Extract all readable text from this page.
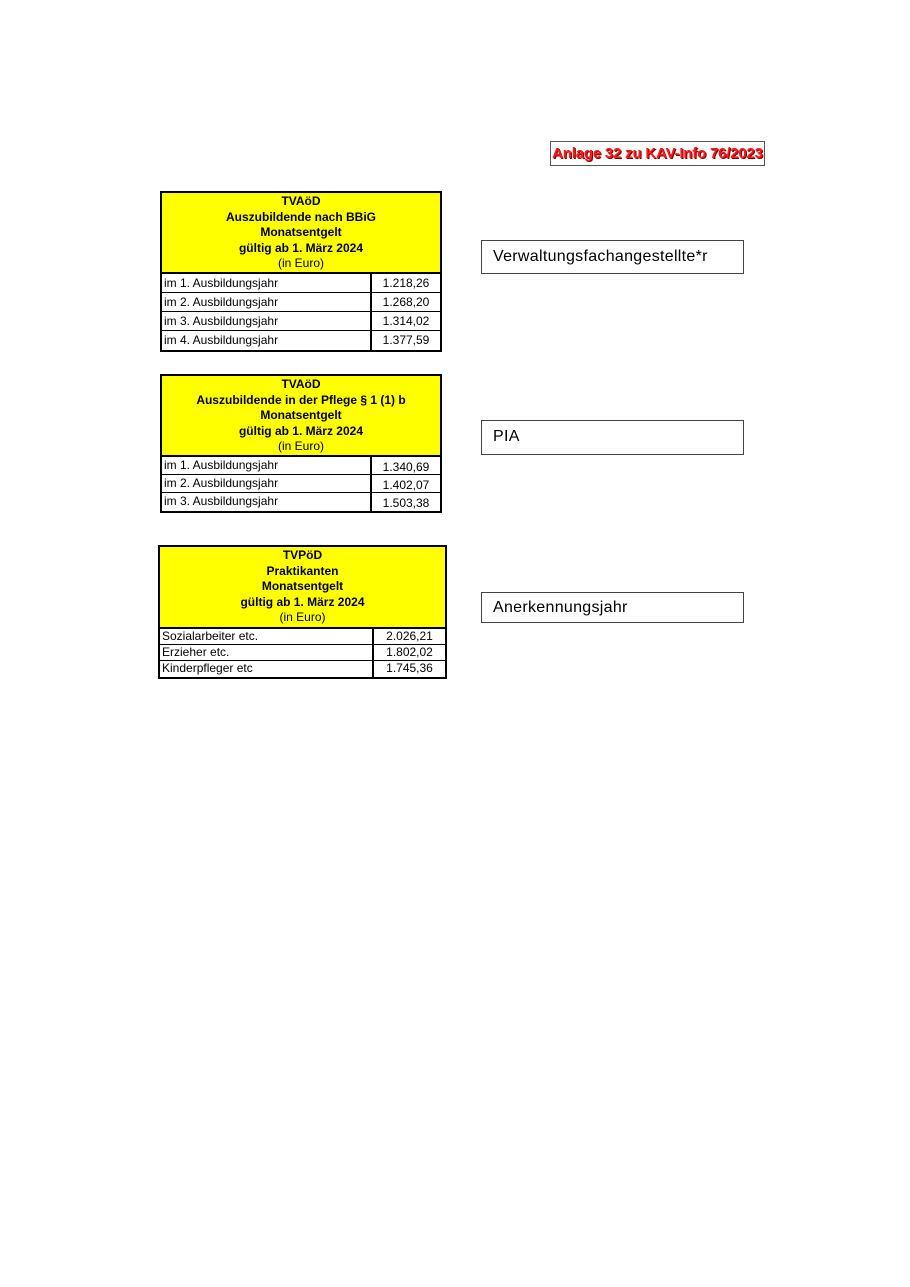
Anlage 32 zu KAV-Info 76/2023
TVAöD
Auszubildende nach BBiG
Monatsentgelt
gültig ab 1. März 2024
(in Euro)
im 1. Ausbildungsjahr	1.218,26
im 2. Ausbildungsjahr	1.268,20
im 3. Ausbildungsjahr	1.314,02
im 4. Ausbildungsjahr	1.377,59
Verwaltungsfachangestellte*r
TVAöD
Auszubildende in der Pflege § 1 (1) b
Monatsentgelt
gültig ab 1. März 2024
(in Euro)
im 1. Ausbildungsjahr	1.340,69
im 2. Ausbildungsjahr	1.402,07
im 3. Ausbildungsjahr	1.503,38
PIA
TVPöD
Praktikanten
Monatsentgelt
gültig ab 1. März 2024
(in Euro)
Sozialarbeiter etc.	2.026,21
Erzieher etc.	1.802,02
Kinderpfleger etc	1.745,36
Anerkennungsjahr
